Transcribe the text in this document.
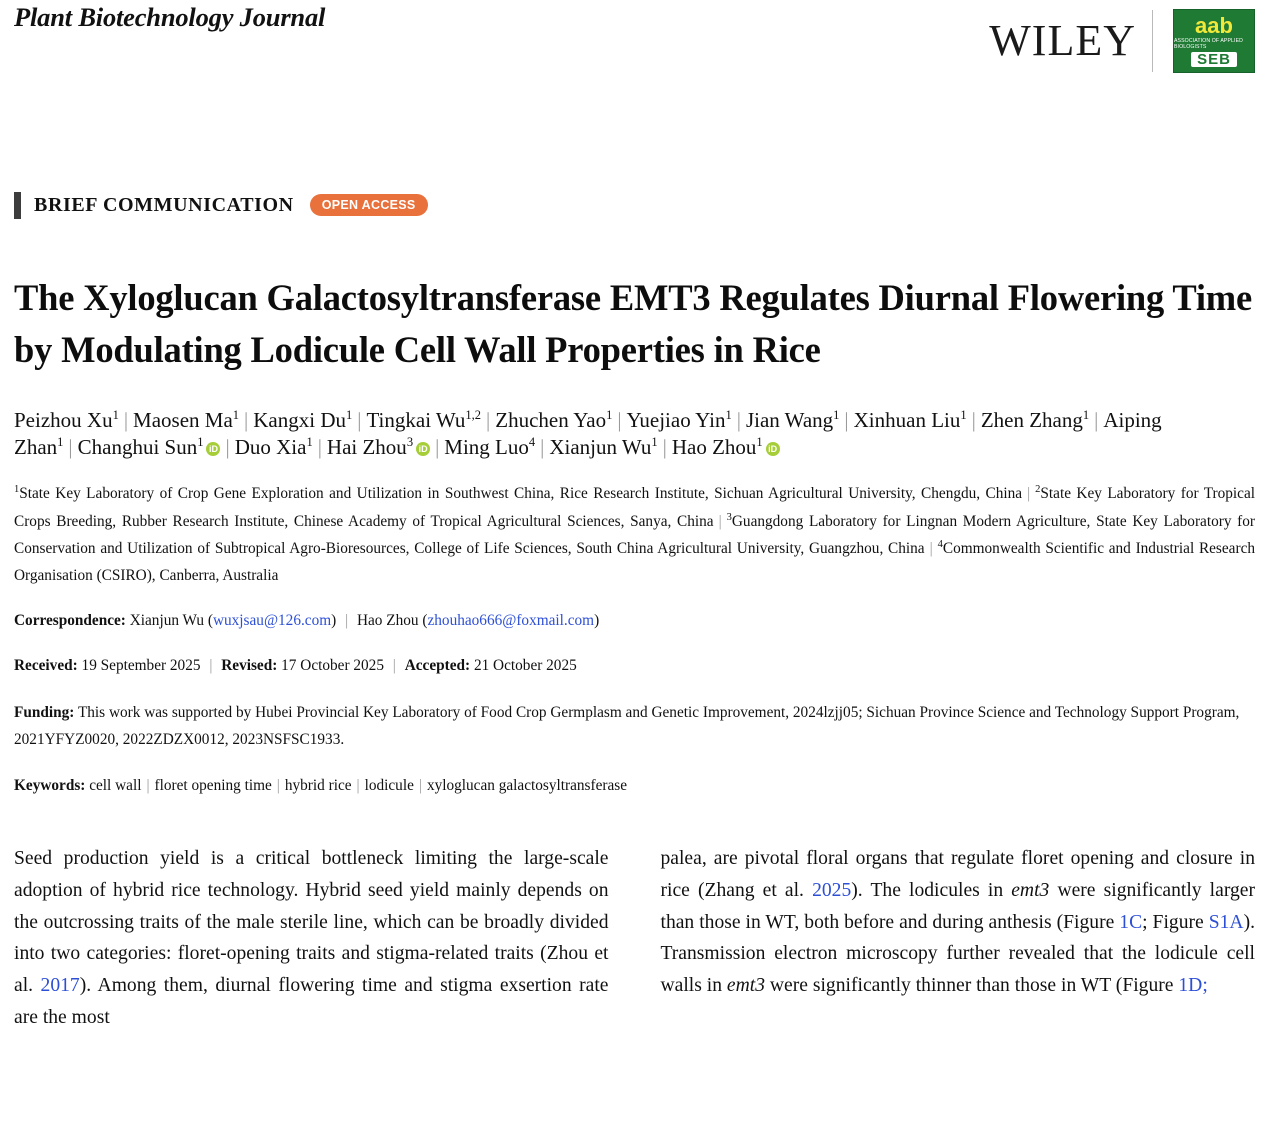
Plant Biotechnology Journal	WILEY	aab
ASSOCIATION OF APPLIED BIOLOGISTS
SEB
BRIEF COMMUNICATION	OPEN ACCESS
The Xyloglucan Galactosyltransferase EMT3 Regulates Diurnal Flowering Time by Modulating Lodicule Cell Wall Properties in Rice
Peizhou Xu$^1$ | Maosen Ma$^1$ | Kangxi Du$^1$ | Tingkai Wu$^{1,2}$ | Zhuchen Yao$^1$ | Yuejiao Yin$^1$ | Jian Wang$^1$ | Xinhuan Liu$^1$ | Zhen Zhang$^1$ | Aiping Zhan$^1$ | Changhui Sun$^1$ iD | Duo Xia$^1$ | Hai Zhou$^3$ iD | Ming Luo$^4$ | Xianjun Wu$^1$ | Hao Zhou$^1$ iD
$^1$State Key Laboratory of Crop Gene Exploration and Utilization in Southwest China, Rice Research Institute, Sichuan Agricultural University, Chengdu, China | $^2$State Key Laboratory for Tropical Crops Breeding, Rubber Research Institute, Chinese Academy of Tropical Agricultural Sciences, Sanya, China | $^3$Guangdong Laboratory for Lingnan Modern Agriculture, State Key Laboratory for Conservation and Utilization of Subtropical Agro-Bioresources, College of Life Sciences, South China Agricultural University, Guangzhou, China | $^4$Commonwealth Scientific and Industrial Research Organisation (CSIRO), Canberra, Australia
Correspondence: Xianjun Wu (wuxjsau@126.com) | Hao Zhou (zhouhao666@foxmail.com)
Received: 19 September 2025 | Revised: 17 October 2025 | Accepted: 21 October 2025
Funding: This work was supported by Hubei Provincial Key Laboratory of Food Crop Germplasm and Genetic Improvement, 2024lzjj05; Sichuan Province Science and Technology Support Program, 2021YFYZ0020, 2022ZDZX0012, 2023NSFSC1933.
Keywords: cell wall | floret opening time | hybrid rice | lodicule | xyloglucan galactosyltransferase

Seed production yield is a critical bottleneck limiting the large-scale adoption of hybrid rice technology. Hybrid seed yield mainly depends on the outcrossing traits of the male sterile line, which can be broadly divided into two categories: floret-opening traits and stigma-related traits (Zhou et al. 2017). Among them, diurnal flowering time and stigma exsertion rate are the most

palea, are pivotal floral organs that regulate floret opening and closure in rice (Zhang et al. 2025). The lodicules in emt3 were significantly larger than those in WT, both before and during anthesis (Figure 1C; Figure S1A). Transmission electron microscopy further revealed that the lodicule cell walls in emt3 were significantly thinner than those in WT (Figure 1D;
